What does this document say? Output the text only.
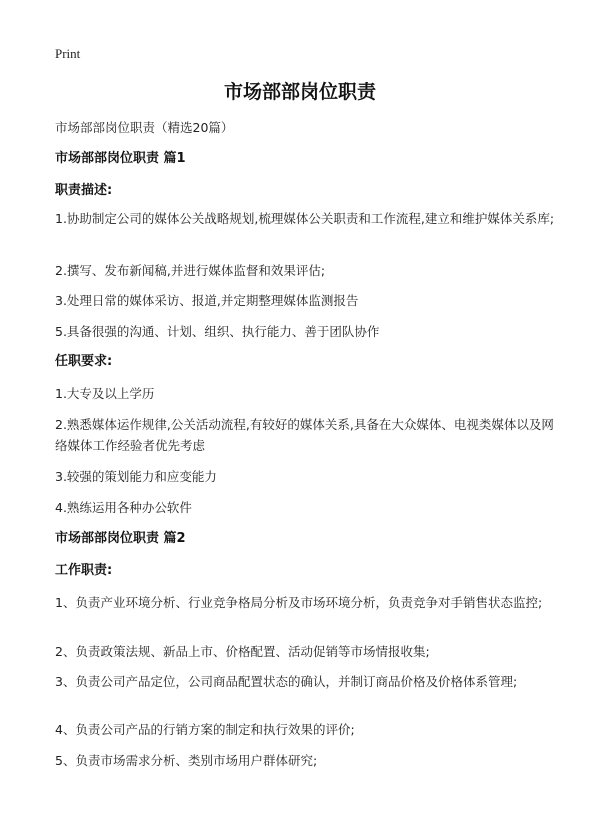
Print
市场部部岗位职责
市场部部岗位职责（精选20篇）
市场部部岗位职责 篇1
职责描述:
1.协助制定公司的媒体公关战略规划,梳理媒体公关职责和工作流程,建立和维护媒体关系库;
2.撰写、发布新闻稿,并进行媒体监督和效果评估;
3.处理日常的媒体采访、报道,并定期整理媒体监测报告
5.具备很强的沟通、计划、组织、执行能力、善于团队协作
任职要求:
1.大专及以上学历
2.熟悉媒体运作规律,公关活动流程,有较好的媒体关系,具备在大众媒体、电视类媒体以及网络媒体工作经验者优先考虑
3.较强的策划能力和应变能力
4.熟练运用各种办公软件
市场部部岗位职责 篇2
工作职责:
1、负责产业环境分析、行业竞争格局分析及市场环境分析，负责竞争对手销售状态监控;
2、负责政策法规、新品上市、价格配置、活动促销等市场情报收集;
3、负责公司产品定位，公司商品配置状态的确认，并制订商品价格及价格体系管理;
4、负责公司产品的行销方案的制定和执行效果的评价;
5、负责市场需求分析、类别市场用户群体研究;
